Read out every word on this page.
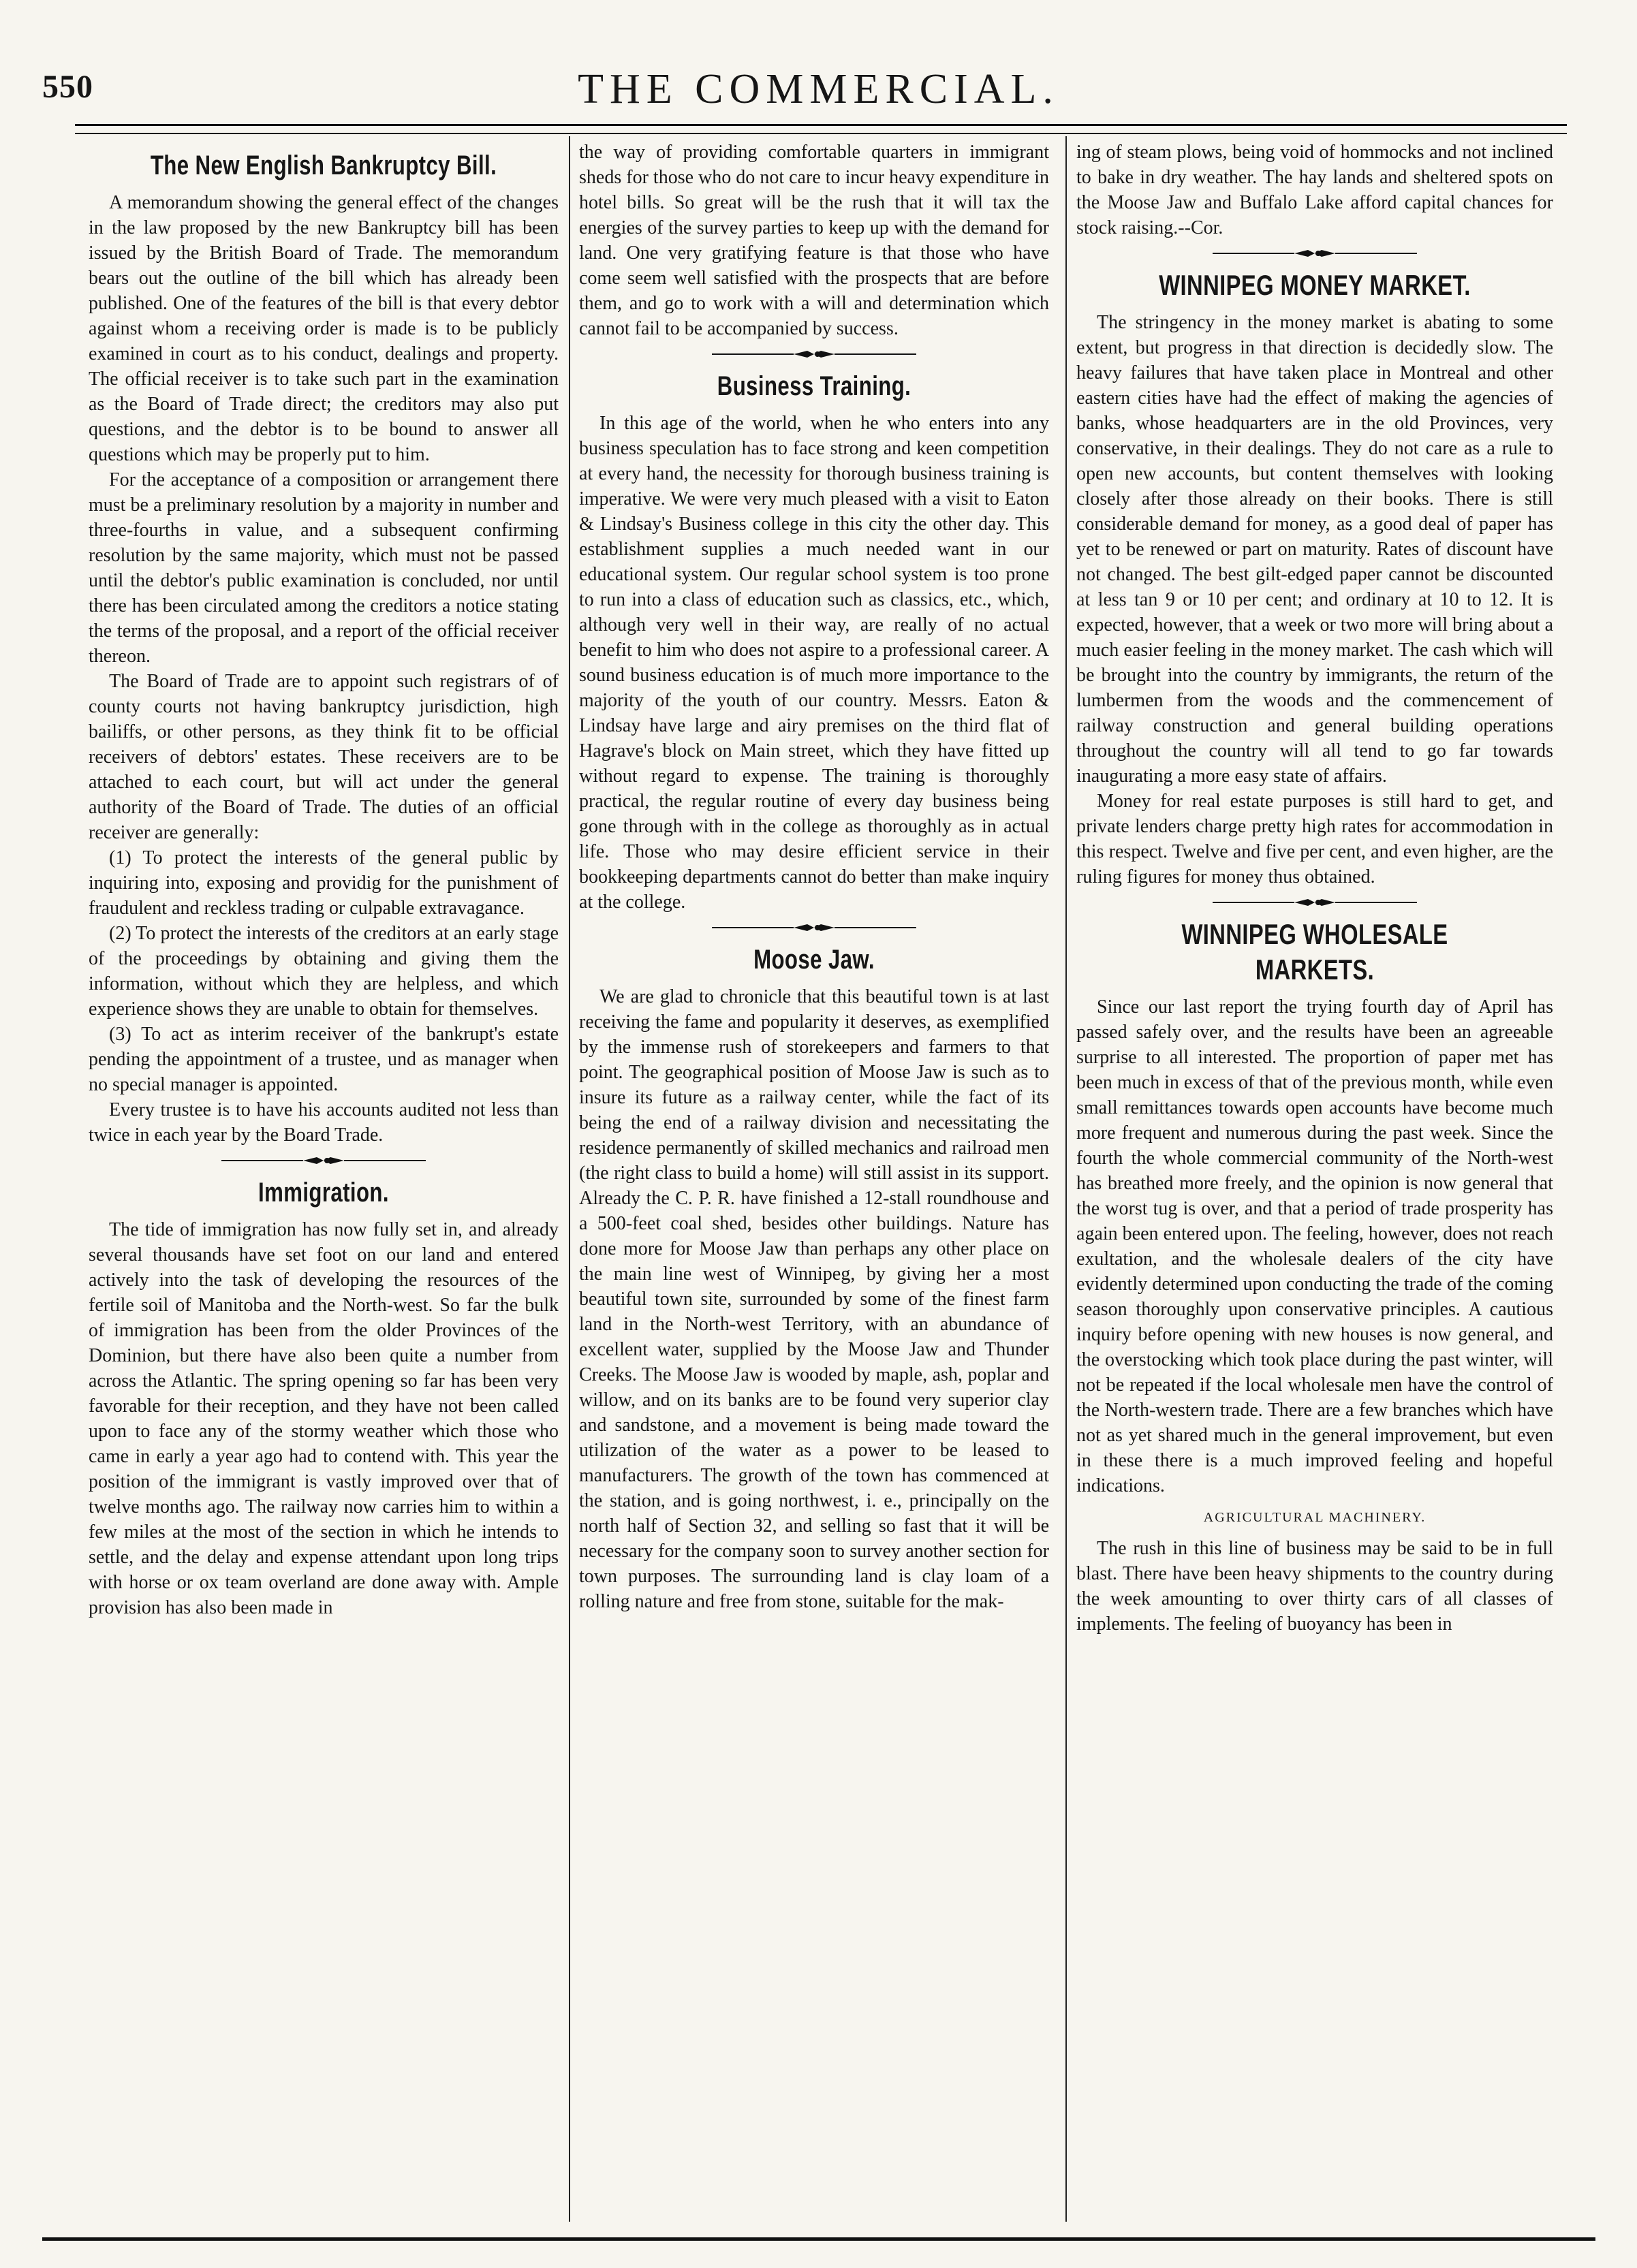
550	THE COMMERCIAL.
The New English Bankruptcy Bill.

A memorandum showing the general effect of the changes in the law proposed by the new Bankruptcy bill has been issued by the British Board of Trade. The memorandum bears out the outline of the bill which has already been published. One of the features of the bill is that every debtor against whom a receiving order is made is to be publicly examined in court as to his conduct, dealings and property. The official receiver is to take such part in the examination as the Board of Trade direct; the creditors may also put questions, and the debtor is to be bound to answer all questions which may be properly put to him.

For the acceptance of a composition or arrangement there must be a preliminary resolution by a majority in number and three-fourths in value, and a subsequent confirming resolution by the same majority, which must not be passed until the debtor's public examination is concluded, nor until there has been circulated among the creditors a notice stating the terms of the proposal, and a report of the official receiver thereon.

The Board of Trade are to appoint such registrars of of county courts not having bankruptcy jurisdiction, high bailiffs, or other persons, as they think fit to be official receivers of debtors' estates. These receivers are to be attached to each court, but will act under the general authority of the Board of Trade. The duties of an official receiver are generally:

(1) To protect the interests of the general public by inquiring into, exposing and providig for the punishment of fraudulent and reckless trading or culpable extravagance.

(2) To protect the interests of the creditors at an early stage of the proceedings by obtaining and giving them the information, without which they are helpless, and which experience shows they are unable to obtain for themselves.

(3) To act as interim receiver of the bankrupt's estate pending the appointment of a trustee, und as manager when no special manager is appointed.

Every trustee is to have his accounts audited not less than twice in each year by the Board Trade.

Immigration.

The tide of immigration has now fully set in, and already several thousands have set foot on our land and entered actively into the task of developing the resources of the fertile soil of Manitoba and the North-west. So far the bulk of immigration has been from the older Provinces of the Dominion, but there have also been quite a number from across the Atlantic. The spring opening so far has been very favorable for their reception, and they have not been called upon to face any of the stormy weather which those who came in early a year ago had to contend with. This year the position of the immigrant is vastly improved over that of twelve months ago. The railway now carries him to within a few miles at the most of the section in which he intends to settle, and the delay and expense attendant upon long trips with horse or ox team overland are done away with. Ample provision has also been made in

the way of providing comfortable quarters in immigrant sheds for those who do not care to incur heavy expenditure in hotel bills. So great will be the rush that it will tax the energies of the survey parties to keep up with the demand for land. One very gratifying feature is that those who have come seem well satisfied with the prospects that are before them, and go to work with a will and determination which cannot fail to be accompanied by success.

Business Training.

In this age of the world, when he who enters into any business speculation has to face strong and keen competition at every hand, the necessity for thorough business training is imperative. We were very much pleased with a visit to Eaton & Lindsay's Business college in this city the other day. This establishment supplies a much needed want in our educational system. Our regular school system is too prone to run into a class of education such as classics, etc., which, although very well in their way, are really of no actual benefit to him who does not aspire to a professional career. A sound business education is of much more importance to the majority of the youth of our country. Messrs. Eaton & Lindsay have large and airy premises on the third flat of Hagrave's block on Main street, which they have fitted up without regard to expense. The training is thoroughly practical, the regular routine of every day business being gone through with in the college as thoroughly as in actual life. Those who may desire efficient service in their bookkeeping departments cannot do better than make inquiry at the college.

Moose Jaw.

We are glad to chronicle that this beautiful town is at last receiving the fame and popularity it deserves, as exemplified by the immense rush of storekeepers and farmers to that point. The geographical position of Moose Jaw is such as to insure its future as a railway center, while the fact of its being the end of a railway division and necessitating the residence permanently of skilled mechanics and railroad men (the right class to build a home) will still assist in its support. Already the C. P. R. have finished a 12-stall roundhouse and a 500-feet coal shed, besides other buildings. Nature has done more for Moose Jaw than perhaps any other place on the main line west of Winnipeg, by giving her a most beautiful town site, surrounded by some of the finest farm land in the North-west Territory, with an abundance of excellent water, supplied by the Moose Jaw and Thunder Creeks. The Moose Jaw is wooded by maple, ash, poplar and willow, and on its banks are to be found very superior clay and sandstone, and a movement is being made toward the utilization of the water as a power to be leased to manufacturers. The growth of the town has commenced at the station, and is going northwest, i. e., principally on the north half of Section 32, and selling so fast that it will be necessary for the company soon to survey another section for town purposes. The surrounding land is clay loam of a rolling nature and free from stone, suitable for the mak-

ing of steam plows, being void of hommocks and not inclined to bake in dry weather. The hay lands and sheltered spots on the Moose Jaw and Buffalo Lake afford capital chances for stock raising.--Cor.

WINNIPEG MONEY MARKET.

The stringency in the money market is abating to some extent, but progress in that direction is decidedly slow. The heavy failures that have taken place in Montreal and other eastern cities have had the effect of making the agencies of banks, whose headquarters are in the old Provinces, very conservative, in their dealings. They do not care as a rule to open new accounts, but content themselves with looking closely after those already on their books. There is still considerable demand for money, as a good deal of paper has yet to be renewed or part on maturity. Rates of discount have not changed. The best gilt-edged paper cannot be discounted at less tan 9 or 10 per cent; and ordinary at 10 to 12. It is expected, however, that a week or two more will bring about a much easier feeling in the money market. The cash which will be brought into the country by immigrants, the return of the lumbermen from the woods and the commencement of railway construction and general building operations throughout the country will all tend to go far towards inaugurating a more easy state of affairs.

Money for real estate purposes is still hard to get, and private lenders charge pretty high rates for accommodation in this respect. Twelve and five per cent, and even higher, are the ruling figures for money thus obtained.

WINNIPEG WHOLESALE MARKETS.

Since our last report the trying fourth day of April has passed safely over, and the results have been an agreeable surprise to all interested. The proportion of paper met has been much in excess of that of the previous month, while even small remittances towards open accounts have become much more frequent and numerous during the past week. Since the fourth the whole commercial community of the North-west has breathed more freely, and the opinion is now general that the worst tug is over, and that a period of trade prosperity has again been entered upon. The feeling, however, does not reach exultation, and the wholesale dealers of the city have evidently determined upon conducting the trade of the coming season thoroughly upon conservative principles. A cautious inquiry before opening with new houses is now general, and the overstocking which took place during the past winter, will not be repeated if the local wholesale men have the control of the North-western trade. There are a few branches which have not as yet shared much in the general improvement, but even in these there is a much improved feeling and hopeful indications.

AGRICULTURAL MACHINERY.

The rush in this line of business may be said to be in full blast. There have been heavy shipments to the country during the week amounting to over thirty cars of all classes of implements. The feeling of buoyancy has been in
